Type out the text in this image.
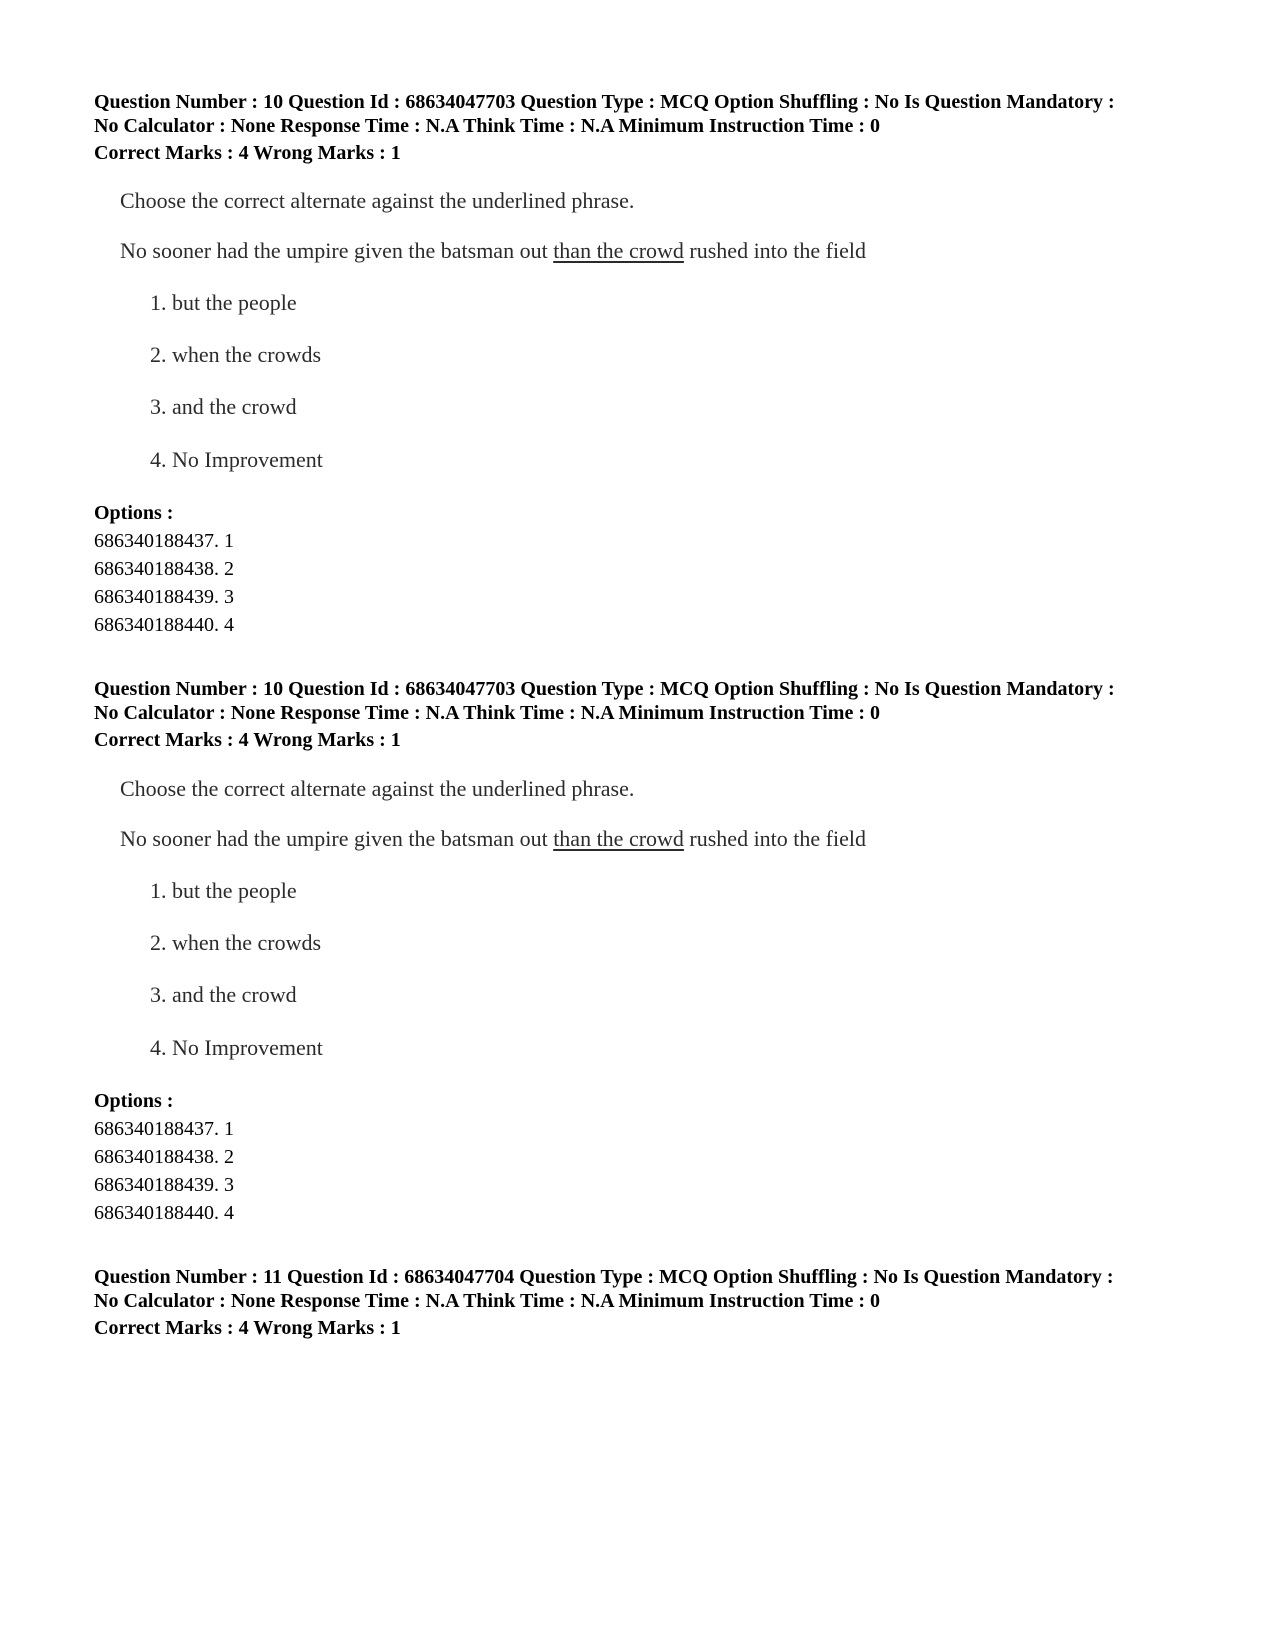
Question Number : 10 Question Id : 68634047703 Question Type : MCQ Option Shuffling : No Is Question Mandatory :
No Calculator : None Response Time : N.A Think Time : N.A Minimum Instruction Time : 0
Correct Marks : 4 Wrong Marks : 1
Choose the correct alternate against the underlined phrase.
No sooner had the umpire given the batsman out than the crowd rushed into the field
1. but the people
2. when the crowds
3. and the crowd
4. No Improvement
Options :
686340188437. 1
686340188438. 2
686340188439. 3
686340188440. 4
Question Number : 10 Question Id : 68634047703 Question Type : MCQ Option Shuffling : No Is Question Mandatory :
No Calculator : None Response Time : N.A Think Time : N.A Minimum Instruction Time : 0
Correct Marks : 4 Wrong Marks : 1
Choose the correct alternate against the underlined phrase.
No sooner had the umpire given the batsman out than the crowd rushed into the field
1. but the people
2. when the crowds
3. and the crowd
4. No Improvement
Options :
686340188437. 1
686340188438. 2
686340188439. 3
686340188440. 4
Question Number : 11 Question Id : 68634047704 Question Type : MCQ Option Shuffling : No Is Question Mandatory :
No Calculator : None Response Time : N.A Think Time : N.A Minimum Instruction Time : 0
Correct Marks : 4 Wrong Marks : 1
